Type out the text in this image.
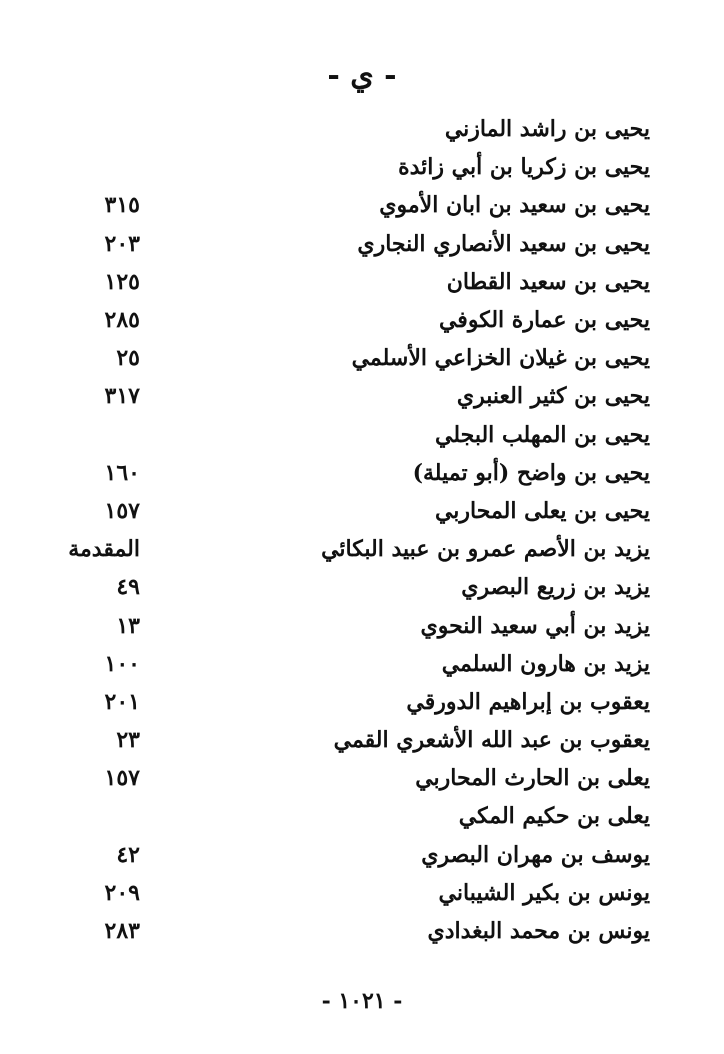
- ي -
يحيى بن راشد المازني
يحيى بن زكريا بن أبي زائدة
يحيى بن سعيد بن ابان الأموي
٣١٥
يحيى بن سعيد الأنصاري النجاري
٢٠٣
يحيى بن سعيد القطان
١٢٥
يحيى بن عمارة الكوفي
٢٨٥
يحيى بن غيلان الخزاعي الأسلمي
٢٥
يحيى بن كثير العنبري
٣١٧
يحيى بن المهلب البجلي
يحيى بن واضح (أبو تميلة)
١٦٠
يحيى بن يعلى المحاربي
١٥٧
يزيد بن الأصم عمرو بن عبيد البكائي
المقدمة
يزيد بن زريع البصري
٤٩
يزيد بن أبي سعيد النحوي
١٣
يزيد بن هارون السلمي
١٠٠
يعقوب بن إبراهيم الدورقي
٢٠١
يعقوب بن عبد الله الأشعري القمي
٢٣
يعلى بن الحارث المحاربي
١٥٧
يعلى بن حكيم المكي
يوسف بن مهران البصري
٤٢
يونس بن بكير الشيباني
٢٠٩
يونس بن محمد البغدادي
٢٨٣
- ١٠٢١ -
